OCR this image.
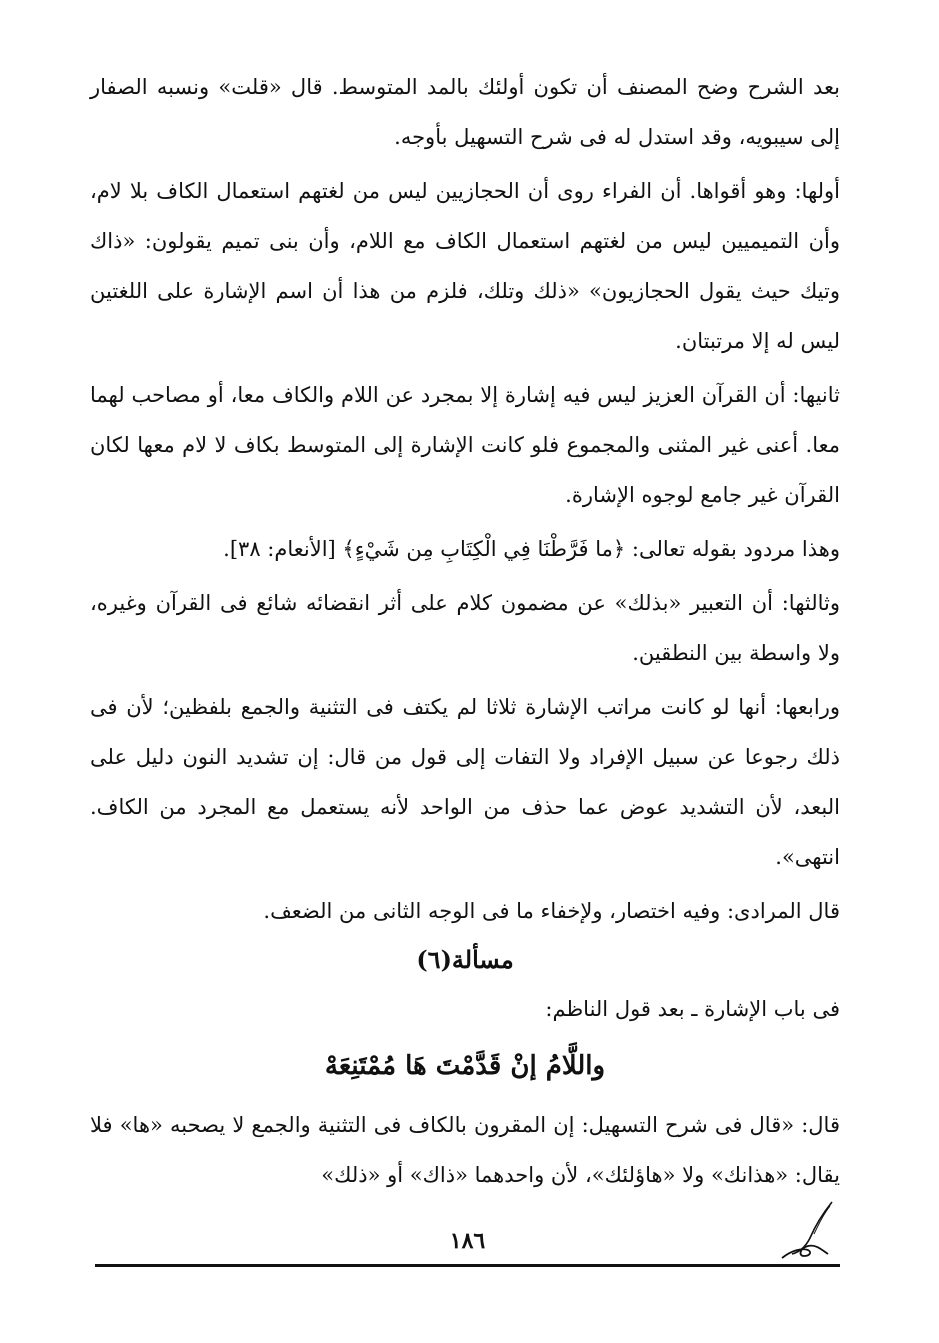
بعد الشرح وضح المصنف أن تكون أولئك بالمد المتوسط. قال «قلت» ونسبه الصفار إلى سيبويه، وقد استدل له فى شرح التسهيل بأوجه.

أولها: وهو أقواها. أن الفراء روى أن الحجازيين ليس من لغتهم استعمال الكاف بلا لام، وأن التميميين ليس من لغتهم استعمال الكاف مع اللام، وأن بنى تميم يقولون: «ذاك وتيك حيث يقول الحجازيون» «ذلك وتلك، فلزم من هذا أن اسم الإشارة على اللغتين ليس له إلا مرتبتان.

ثانيها: أن القرآن العزيز ليس فيه إشارة إلا بمجرد عن اللام والكاف معا، أو مصاحب لهما معا. أعنى غير المثنى والمجموع فلو كانت الإشارة إلى المتوسط بكاف لا لام معها لكان القرآن غير جامع لوجوه الإشارة.

وهذا مردود بقوله تعالى: ﴿ما فَرَّطْنَا فِي الْكِتَابِ مِن شَيْءٍ﴾ [الأنعام: ٣٨].

وثالثها: أن التعبير «بذلك» عن مضمون كلام على أثر انقضائه شائع فى القرآن وغيره، ولا واسطة بين النطقين.

ورابعها: أنها لو كانت مراتب الإشارة ثلاثا لم يكتف فى التثنية والجمع بلفظين؛ لأن فى ذلك رجوعا عن سبيل الإفراد ولا التفات إلى قول من قال: إن تشديد النون دليل على البعد، لأن التشديد عوض عما حذف من الواحد لأنه يستعمل مع المجرد من الكاف. انتهى».

قال المرادى: وفيه اختصار، ولإخفاء ما فى الوجه الثانى من الضعف.

مسألة(٦)

فى باب الإشارة ـ بعد قول الناظم:

واللَّامُ إنْ قَدَّمْتَ هَا مُمْتَنِعَهْ

قال: «قال فى شرح التسهيل: إن المقرون بالكاف فى التثنية والجمع لا يصحبه «ها» فلا يقال: «هذانك» ولا «هاؤلئك»، لأن واحدهما «ذاك» أو «ذلك»

١٨٦
